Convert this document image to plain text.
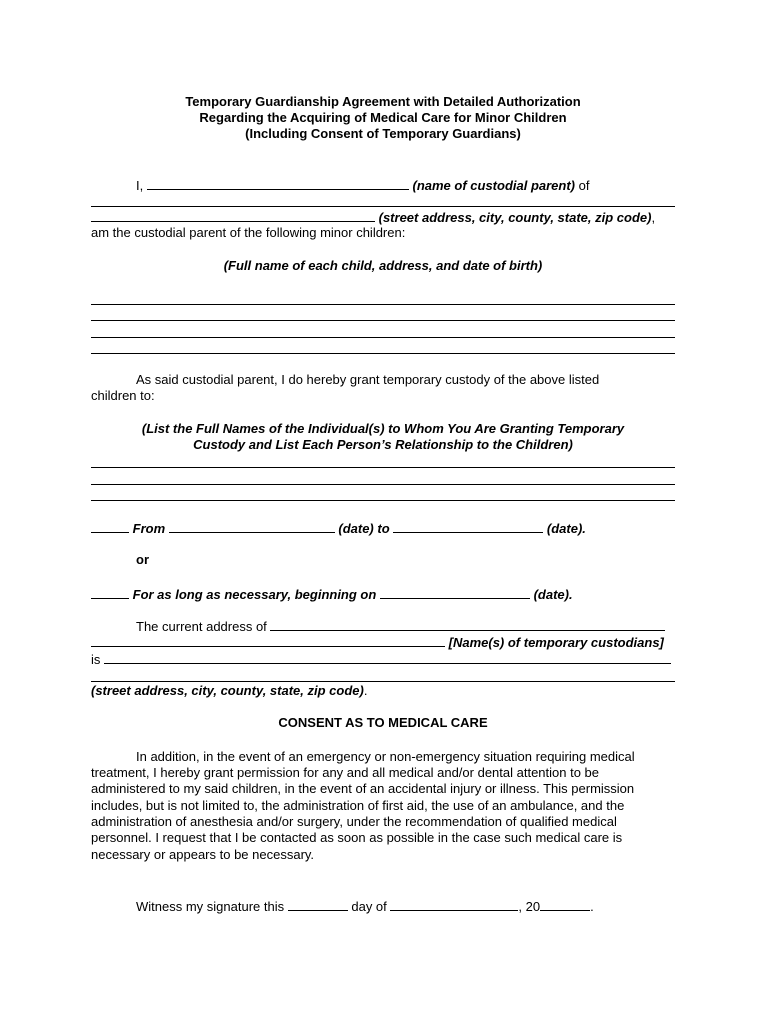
Temporary Guardianship Agreement with Detailed Authorization
Regarding the Acquiring of Medical Care for Minor Children
(Including Consent of Temporary Guardians)
I,	(name of custodial parent) of
(street address, city, county, state, zip code),
am the custodial parent of the following minor children:
(Full name of each child, address, and date of birth)
As said custodial parent, I do hereby grant temporary custody of the above listed
children to:
(List the Full Names of the Individual(s) to Whom You Are Granting Temporary
Custody and List Each Person’s Relationship to the Children)
From	(date) to	(date).
or
For as long as necessary, beginning on	(date).
The current address of
[Name(s) of temporary custodians]
is
(street address, city, county, state, zip code).
CONSENT AS TO MEDICAL CARE
In addition, in the event of an emergency or non-emergency situation requiring medical
treatment, I hereby grant permission for any and all medical and/or dental attention to be
administered to my said children, in the event of an accidental injury or illness. This permission
includes, but is not limited to, the administration of first aid, the use of an ambulance, and the
administration of anesthesia and/or surgery, under the recommendation of qualified medical
personnel. I request that I be contacted as soon as possible in the case such medical care is
necessary or appears to be necessary.
Witness my signature this	day of	, 20	.
